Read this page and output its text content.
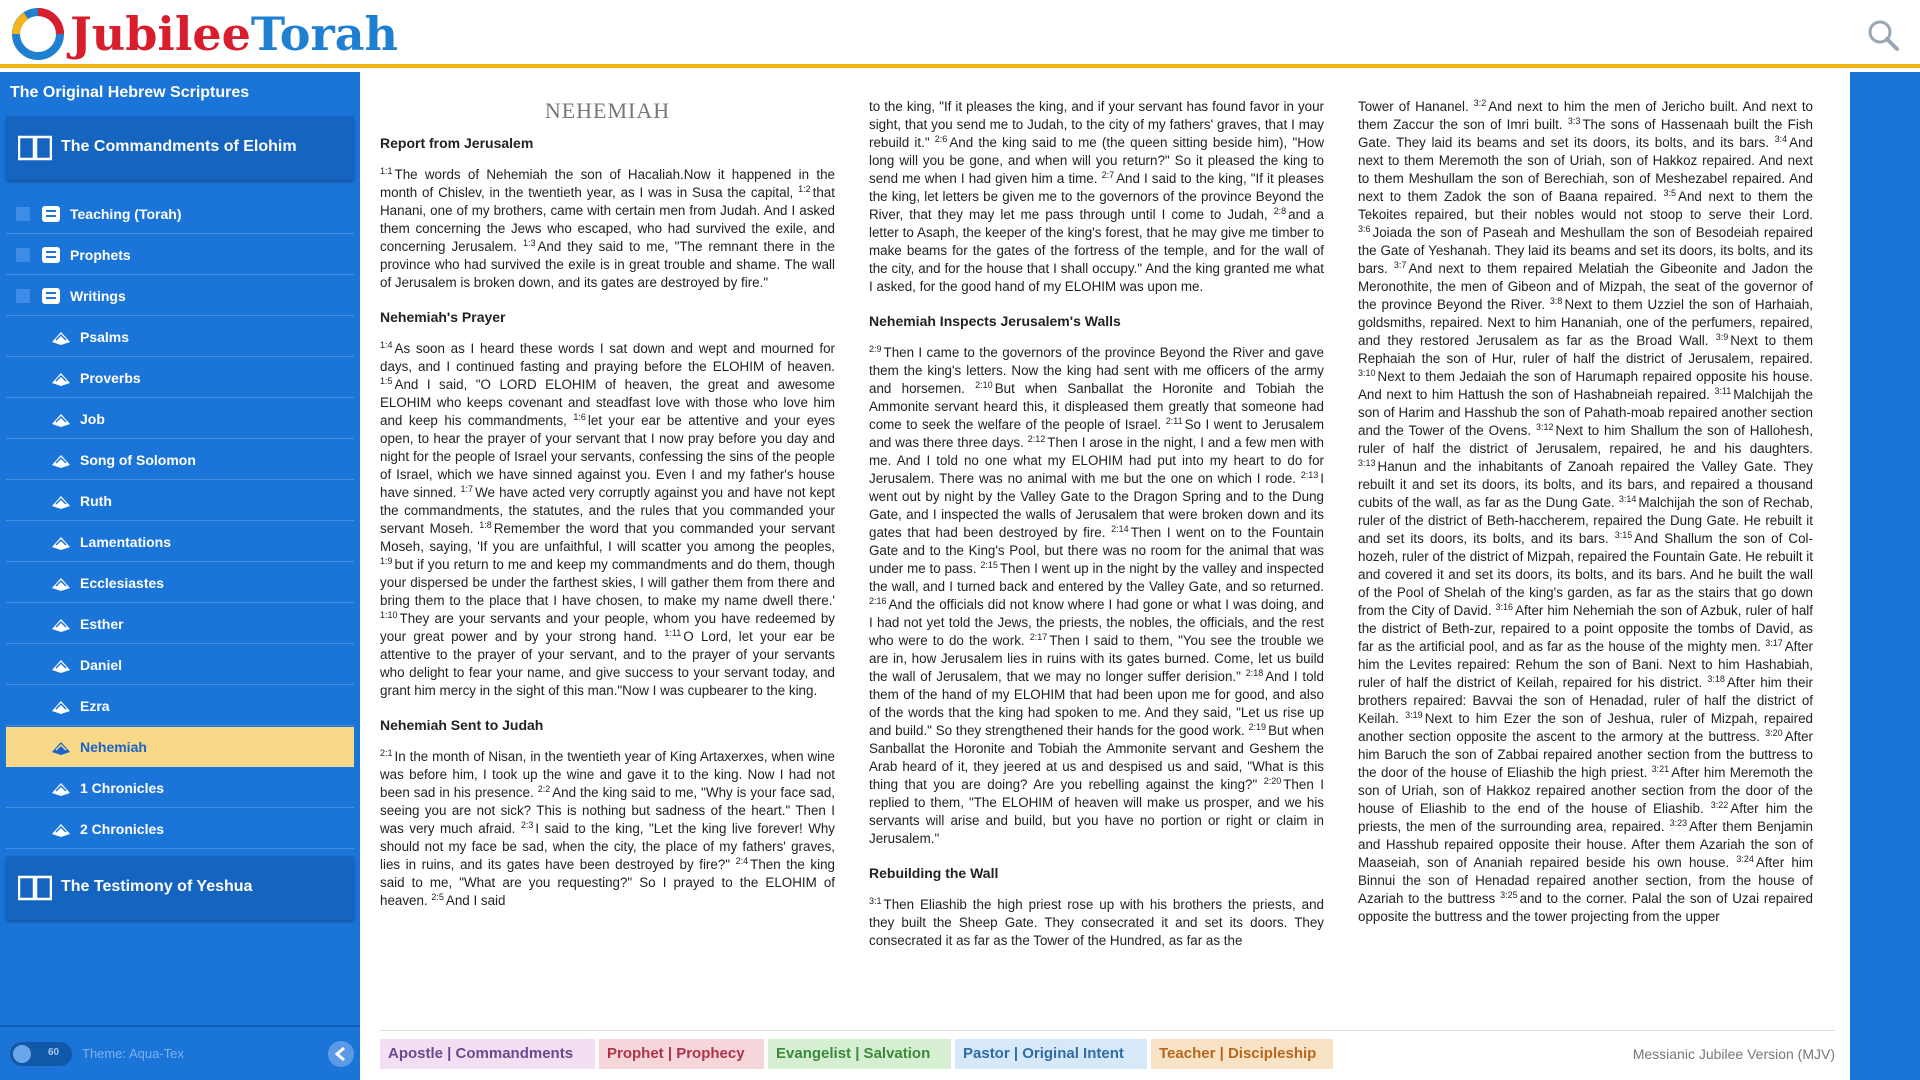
JubileeTorah
The Original Hebrew Scriptures
The Commandments of Elohim
Teaching (Torah)
Prophets
Writings
Psalms
Proverbs
Job
Song of Solomon
Ruth
Lamentations
Ecclesiastes
Esther
Daniel
Ezra
Nehemiah
1 Chronicles
2 Chronicles
The Testimony of Yeshua
60 Theme: Aqua-Tex
NEHEMIAH
Report from Jerusalem
$^{1:1}$ The words of Nehemiah the son of Hacaliah.Now it happened in the month of Chislev, in the twentieth year, as I was in Susa the capital, $^{1:2}$ that Hanani, one of my brothers, came with certain men from Judah. And I asked them concerning the Jews who escaped, who had survived the exile, and concerning Jerusalem. $^{1:3}$ And they said to me, "The remnant there in the province who had survived the exile is in great trouble and shame. The wall of Jerusalem is broken down, and its gates are destroyed by fire."
Nehemiah's Prayer
$^{1:4}$ As soon as I heard these words I sat down and wept and mourned for days, and I continued fasting and praying before the ELOHIM of heaven. $^{1:5}$ And I said, "O LORD ELOHIM of heaven, the great and awesome ELOHIM who keeps covenant and steadfast love with those who love him and keep his commandments, $^{1:6}$ let your ear be attentive and your eyes open, to hear the prayer of your servant that I now pray before you day and night for the people of Israel your servants, confessing the sins of the people of Israel, which we have sinned against you. Even I and my father's house have sinned. $^{1:7}$ We have acted very corruptly against you and have not kept the commandments, the statutes, and the rules that you commanded your servant Moseh. $^{1:8}$ Remember the word that you commanded your servant Moseh, saying, 'If you are unfaithful, I will scatter you among the peoples, $^{1:9}$ but if you return to me and keep my commandments and do them, though your dispersed be under the farthest skies, I will gather them from there and bring them to the place that I have chosen, to make my name dwell there.' $^{1:10}$ They are your servants and your people, whom you have redeemed by your great power and by your strong hand. $^{1:11}$ O Lord, let your ear be attentive to the prayer of your servant, and to the prayer of your servants who delight to fear your name, and give success to your servant today, and grant him mercy in the sight of this man."Now I was cupbearer to the king.
Nehemiah Sent to Judah
$^{2:1}$ In the month of Nisan, in the twentieth year of King Artaxerxes, when wine was before him, I took up the wine and gave it to the king. Now I had not been sad in his presence. $^{2:2}$ And the king said to me, "Why is your face sad, seeing you are not sick? This is nothing but sadness of the heart." Then I was very much afraid. $^{2:3}$ I said to the king, "Let the king live forever! Why should not my face be sad, when the city, the place of my fathers' graves, lies in ruins, and its gates have been destroyed by fire?" $^{2:4}$ Then the king said to me, "What are you requesting?" So I prayed to the ELOHIM of heaven. $^{2:5}$ And I said
to the king, "If it pleases the king, and if your servant has found favor in your sight, that you send me to Judah, to the city of my fathers' graves, that I may rebuild it." $^{2:6}$ And the king said to me (the queen sitting beside him), "How long will you be gone, and when will you return?" So it pleased the king to send me when I had given him a time. $^{2:7}$ And I said to the king, "If it pleases the king, let letters be given me to the governors of the province Beyond the River, that they may let me pass through until I come to Judah, $^{2:8}$ and a letter to Asaph, the keeper of the king's forest, that he may give me timber to make beams for the gates of the fortress of the temple, and for the wall of the city, and for the house that I shall occupy." And the king granted me what I asked, for the good hand of my ELOHIM was upon me.
Nehemiah Inspects Jerusalem's Walls
$^{2:9}$ Then I came to the governors of the province Beyond the River and gave them the king's letters. Now the king had sent with me officers of the army and horsemen. $^{2:10}$ But when Sanballat the Horonite and Tobiah the Ammonite servant heard this, it displeased them greatly that someone had come to seek the welfare of the people of Israel. $^{2:11}$ So I went to Jerusalem and was there three days. $^{2:12}$ Then I arose in the night, I and a few men with me. And I told no one what my ELOHIM had put into my heart to do for Jerusalem. There was no animal with me but the one on which I rode. $^{2:13}$ I went out by night by the Valley Gate to the Dragon Spring and to the Dung Gate, and I inspected the walls of Jerusalem that were broken down and its gates that had been destroyed by fire. $^{2:14}$ Then I went on to the Fountain Gate and to the King's Pool, but there was no room for the animal that was under me to pass. $^{2:15}$ Then I went up in the night by the valley and inspected the wall, and I turned back and entered by the Valley Gate, and so returned. $^{2:16}$ And the officials did not know where I had gone or what I was doing, and I had not yet told the Jews, the priests, the nobles, the officials, and the rest who were to do the work. $^{2:17}$ Then I said to them, "You see the trouble we are in, how Jerusalem lies in ruins with its gates burned. Come, let us build the wall of Jerusalem, that we may no longer suffer derision." $^{2:18}$ And I told them of the hand of my ELOHIM that had been upon me for good, and also of the words that the king had spoken to me. And they said, "Let us rise up and build." So they strengthened their hands for the good work. $^{2:19}$ But when Sanballat the Horonite and Tobiah the Ammonite servant and Geshem the Arab heard of it, they jeered at us and despised us and said, "What is this thing that you are doing? Are you rebelling against the king?" $^{2:20}$ Then I replied to them, "The ELOHIM of heaven will make us prosper, and we his servants will arise and build, but you have no portion or right or claim in Jerusalem."
Rebuilding the Wall
$^{3:1}$ Then Eliashib the high priest rose up with his brothers the priests, and they built the Sheep Gate. They consecrated it and set its doors. They consecrated it as far as the Tower of the Hundred, as far as the
Tower of Hananel. $^{3:2}$ And next to him the men of Jericho built. And next to them Zaccur the son of Imri built. $^{3:3}$ The sons of Hassenaah built the Fish Gate. They laid its beams and set its doors, its bolts, and its bars. $^{3:4}$ And next to them Meremoth the son of Uriah, son of Hakkoz repaired. And next to them Meshullam the son of Berechiah, son of Meshezabel repaired. And next to them Zadok the son of Baana repaired. $^{3:5}$ And next to them the Tekoites repaired, but their nobles would not stoop to serve their Lord. $^{3:6}$ Joiada the son of Paseah and Meshullam the son of Besodeiah repaired the Gate of Yeshanah. They laid its beams and set its doors, its bolts, and its bars. $^{3:7}$ And next to them repaired Melatiah the Gibeonite and Jadon the Meronothite, the men of Gibeon and of Mizpah, the seat of the governor of the province Beyond the River. $^{3:8}$ Next to them Uzziel the son of Harhaiah, goldsmiths, repaired. Next to him Hananiah, one of the perfumers, repaired, and they restored Jerusalem as far as the Broad Wall. $^{3:9}$ Next to them Rephaiah the son of Hur, ruler of half the district of Jerusalem, repaired. $^{3:10}$ Next to them Jedaiah the son of Harumaph repaired opposite his house. And next to him Hattush the son of Hashabneiah repaired. $^{3:11}$ Malchijah the son of Harim and Hasshub the son of Pahath-moab repaired another section and the Tower of the Ovens. $^{3:12}$ Next to him Shallum the son of Hallohesh, ruler of half the district of Jerusalem, repaired, he and his daughters. $^{3:13}$ Hanun and the inhabitants of Zanoah repaired the Valley Gate. They rebuilt it and set its doors, its bolts, and its bars, and repaired a thousand cubits of the wall, as far as the Dung Gate. $^{3:14}$ Malchijah the son of Rechab, ruler of the district of Beth-haccherem, repaired the Dung Gate. He rebuilt it and set its doors, its bolts, and its bars. $^{3:15}$ And Shallum the son of Col-hozeh, ruler of the district of Mizpah, repaired the Fountain Gate. He rebuilt it and covered it and set its doors, its bolts, and its bars. And he built the wall of the Pool of Shelah of the king's garden, as far as the stairs that go down from the City of David. $^{3:16}$ After him Nehemiah the son of Azbuk, ruler of half the district of Beth-zur, repaired to a point opposite the tombs of David, as far as the artificial pool, and as far as the house of the mighty men. $^{3:17}$ After him the Levites repaired: Rehum the son of Bani. Next to him Hashabiah, ruler of half the district of Keilah, repaired for his district. $^{3:18}$ After him their brothers repaired: Bavvai the son of Henadad, ruler of half the district of Keilah. $^{3:19}$ Next to him Ezer the son of Jeshua, ruler of Mizpah, repaired another section opposite the ascent to the armory at the buttress. $^{3:20}$ After him Baruch the son of Zabbai repaired another section from the buttress to the door of the house of Eliashib the high priest. $^{3:21}$ After him Meremoth the son of Uriah, son of Hakkoz repaired another section from the door of the house of Eliashib to the end of the house of Eliashib. $^{3:22}$ After him the priests, the men of the surrounding area, repaired. $^{3:23}$ After them Benjamin and Hasshub repaired opposite their house. After them Azariah the son of Maaseiah, son of Ananiah repaired beside his own house. $^{3:24}$ After him Binnui the son of Henadad repaired another section, from the house of Azariah to the buttress $^{3:25}$ and to the corner. Palal the son of Uzai repaired opposite the buttress and the tower projecting from the upper
Apostle | Commandments	Prophet | Prophecy	Evangelist | Salvation	Pastor | Original Intent	Teacher | Discipleship	Messianic Jubilee Version (MJV)
